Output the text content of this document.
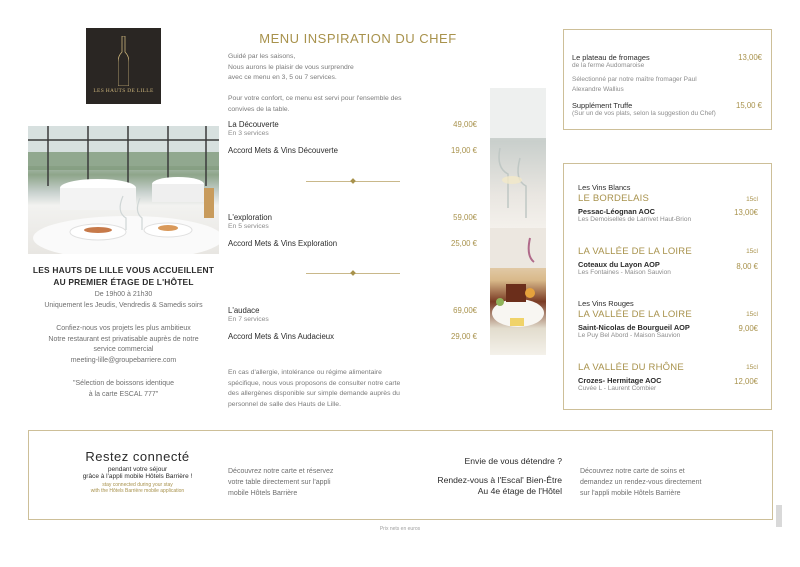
LES HAUTS DE LILLE
LES HAUTS DE LILLE VOUS ACCUEILLENT
AU PREMIER ÉTAGE DE L'HÔTEL
De 19h00 à 21h30
Uniquement les Jeudis, Vendredis & Samedis soirs
Confiez-nous vos projets les plus ambitieux
Notre restaurant est privatisable auprès de notre
service commercial
meeting-lille@groupebarriere.com
"Sélection de boissons identique
à la carte ESCAL 777"
MENU INSPIRATION DU CHEF
Guidé par les saisons,
Nous aurons le plaisir de vous surprendre
avec ce menu en 3, 5 ou 7 services.
Pour votre confort, ce menu est servi pour l'ensemble des
convives de la table.
La Découverte	49,00€
En 3 services
Accord Mets & Vins Découverte	19,00 €
L'exploration	59,00€
En 5 services
Accord Mets & Vins Exploration	25,00 €
L'audace	69,00€
En 7 services
Accord Mets & Vins Audacieux	29,00 €
En cas d'allergie, intolérance ou régime alimentaire
spécifique, nous vous proposons de consulter notre carte
des allergènes disponible sur simple demande auprès du
personnel de salle des Hauts de Lille.
Le plateau de fromages	13,00€
de la ferme Audomaroise
Sélectionné par notre maître fromager Paul
Alexandre Wallius
Supplément Truffe	15,00 €
(Sur un de vos plats, selon la suggestion du Chef)
Les Vins Blancs
LE BORDELAIS	15cl
Pessac-Léognan AOC	13,00€
Les Demoiselles de Larrivet Haut-Brion
LA VALLÉE DE LA LOIRE	15cl
Coteaux du Layon AOP	8,00 €
Les Fontaines - Maison Sauvion
Les Vins Rouges
LA VALLÉE DE LA LOIRE	15cl
Saint-Nicolas de Bourgueil AOP	9,00€
Le Puy Bel Abord - Maison Sauvion
LA VALLÉE DU RHÔNE	15cl
Crozes- Hermitage AOC	12,00€
Cuvée L - Laurent Combier
Restez connecté
pendant votre séjour
grâce à l'appli mobile Hôtels Barrière !
stay connected during your stay
with the Hôtels Barrière mobile application
Découvrez notre carte et réservez
votre table directement sur l'appli
mobile Hôtels Barrière
Envie de vous détendre ?
Rendez-vous à l'Escal' Bien-Être
Au 4e étage de l'Hôtel
Découvrez notre carte de soins et
demandez un rendez-vous directement
sur l'appli mobile Hôtels Barrière
Prix nets en euros
